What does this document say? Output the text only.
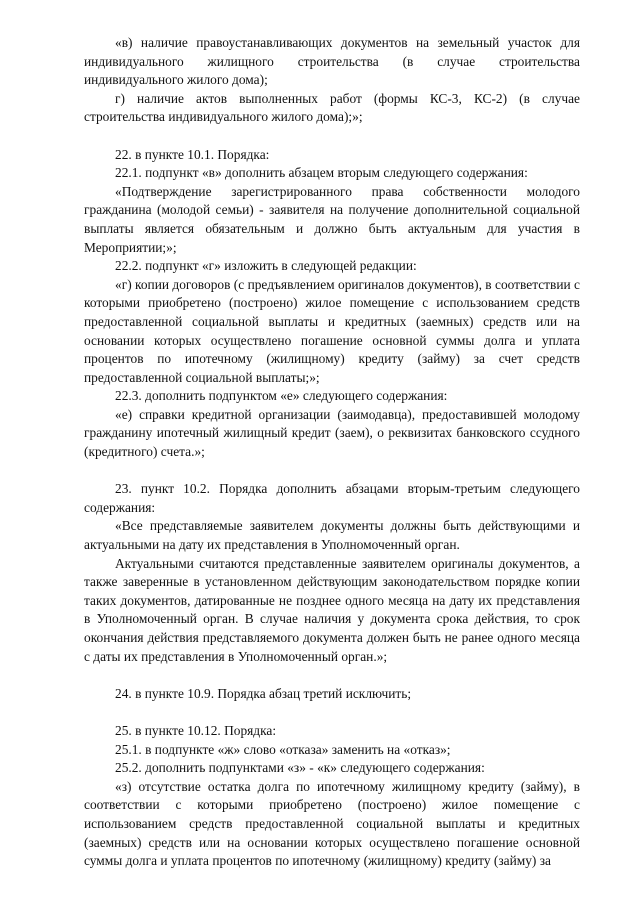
«в) наличие правоустанавливающих документов на земельный участок для индивидуального жилищного строительства (в случае строительства индивидуального жилого дома);

г) наличие актов выполненных работ (формы КС-3, КС-2) (в случае строительства индивидуального жилого дома);»;

22. в пункте 10.1. Порядка:

22.1. подпункт «в» дополнить абзацем вторым следующего содержания:

«Подтверждение зарегистрированного права собственности молодого гражданина (молодой семьи) - заявителя на получение дополнительной социальной выплаты является обязательным и должно быть актуальным для участия в Мероприятии;»;

22.2. подпункт «г» изложить в следующей редакции:

«г) копии договоров (с предъявлением оригиналов документов), в соответствии с которыми приобретено (построено) жилое помещение с использованием средств предоставленной социальной выплаты и кредитных (заемных) средств или на основании которых осуществлено погашение основной суммы долга и уплата процентов по ипотечному (жилищному) кредиту (займу) за счет средств предоставленной социальной выплаты;»;

22.3. дополнить подпунктом «е» следующего содержания:

«е) справки кредитной организации (заимодавца), предоставившей молодому гражданину ипотечный жилищный кредит (заем), о реквизитах банковского ссудного (кредитного) счета.»;

23. пункт 10.2. Порядка дополнить абзацами вторым-третьим следующего содержания:

«Все представляемые заявителем документы должны быть действующими и актуальными на дату их представления в Уполномоченный орган.

Актуальными считаются представленные заявителем оригиналы документов, а также заверенные в установленном действующим законодательством порядке копии таких документов, датированные не позднее одного месяца на дату их представления в Уполномоченный орган. В случае наличия у документа срока действия, то срок окончания действия представляемого документа должен быть не ранее одного месяца с даты их представления в Уполномоченный орган.»;

24. в пункте 10.9. Порядка абзац третий исключить;

25. в пункте 10.12. Порядка:

25.1. в подпункте «ж» слово «отказа» заменить на «отказ»;

25.2. дополнить подпунктами «з» - «к» следующего содержания:

«з) отсутствие остатка долга по ипотечному жилищному кредиту (займу), в соответствии с которыми приобретено (построено) жилое помещение с использованием средств предоставленной социальной выплаты и кредитных (заемных) средств или на основании которых осуществлено погашение основной суммы долга и уплата процентов по ипотечному (жилищному) кредиту (займу) за
